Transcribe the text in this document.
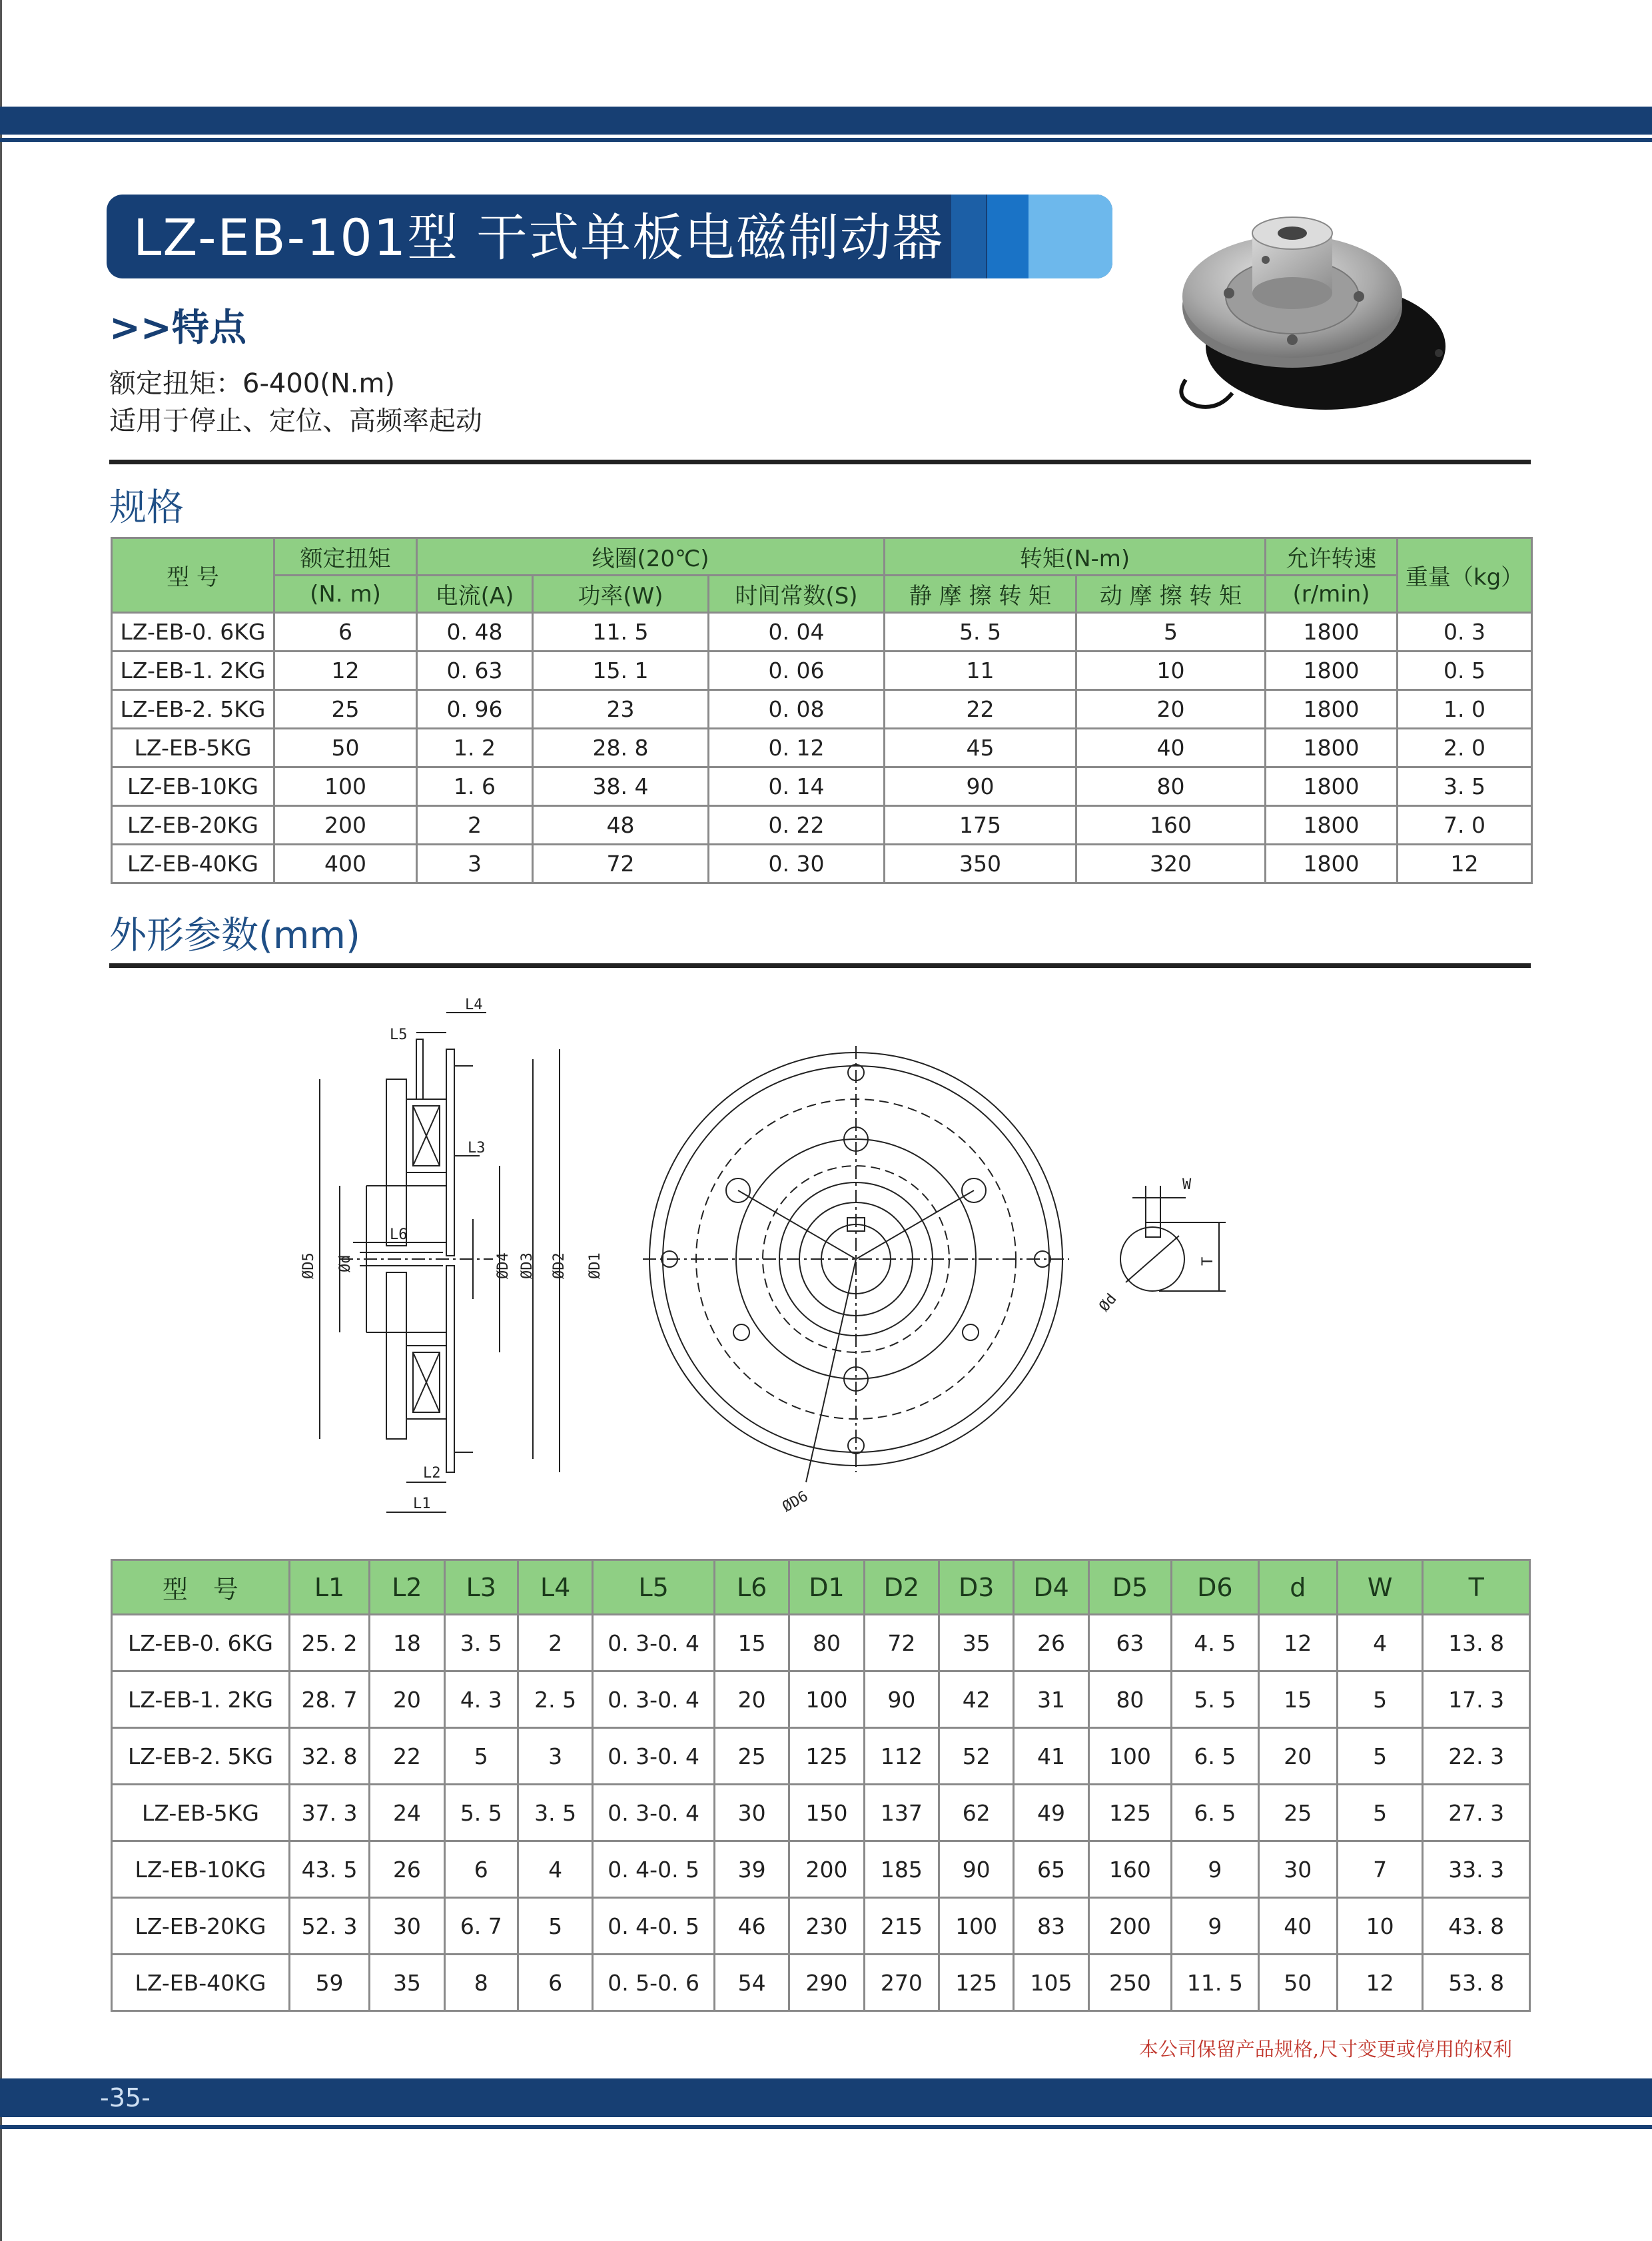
LZ-EB-101型 干式单板电磁制动器
>>特点
额定扭矩：6-400(N.m)
适用于停止、定位、高频率起动
规格
型 号	额定扭矩	线圈(20℃)			转矩(N-m)		允许转速	重量（kg）
	(N. m)	电流(A)	功率(W)	时间常数(S)	静 摩 擦 转 矩	动 摩 擦 转 矩	(r/min)	
LZ-EB-0. 6KG	6	0. 48	11. 5	0. 04	5. 5	5	1800	0. 3
LZ-EB-1. 2KG	12	0. 63	15. 1	0. 06	11	10	1800	0. 5
LZ-EB-2. 5KG	25	0. 96	23	0. 08	22	20	1800	1. 0
LZ-EB-5KG	50	1. 2	28. 8	0. 12	45	40	1800	2. 0
LZ-EB-10KG	100	1. 6	38. 4	0. 14	90	80	1800	3. 5
LZ-EB-20KG	200	2	48	0. 22	175	160	1800	7. 0
LZ-EB-40KG	400	3	72	0. 30	350	320	1800	12
外形参数(mm)
L4
L5
L3
L6
L2
L1
ØD5 Ød	ØD4 ØD3 ØD2 ØD1
ØD6
W
T
Ød
型　号	L1	L2	L3	L4	L5	L6	D1	D2	D3	D4	D5	D6	d	W	T
LZ-EB-0. 6KG	25. 2	18	3. 5	2	0. 3-0. 4	15	80	72	35	26	63	4. 5	12	4	13. 8
LZ-EB-1. 2KG	28. 7	20	4. 3	2. 5	0. 3-0. 4	20	100	90	42	31	80	5. 5	15	5	17. 3
LZ-EB-2. 5KG	32. 8	22	5	3	0. 3-0. 4	25	125	112	52	41	100	6. 5	20	5	22. 3
LZ-EB-5KG	37. 3	24	5. 5	3. 5	0. 3-0. 4	30	150	137	62	49	125	6. 5	25	5	27. 3
LZ-EB-10KG	43. 5	26	6	4	0. 4-0. 5	39	200	185	90	65	160	9	30	7	33. 3
LZ-EB-20KG	52. 3	30	6. 7	5	0. 4-0. 5	46	230	215	100	83	200	9	40	10	43. 8
LZ-EB-40KG	59	35	8	6	0. 5-0. 6	54	290	270	125	105	250	11. 5	50	12	53. 8
本公司保留产品规格,尺寸变更或停用的权利
-35-
